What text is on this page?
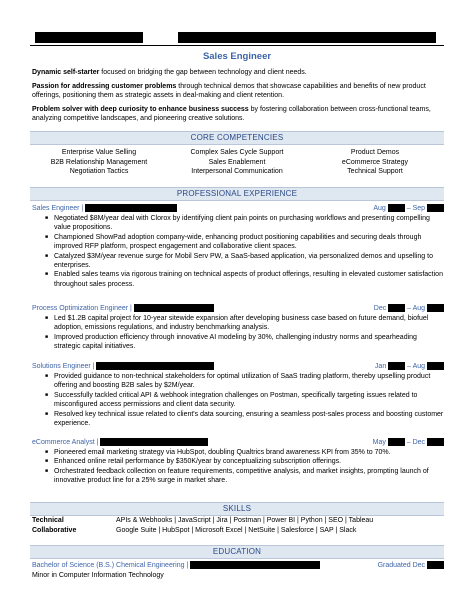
Sales Engineer

Dynamic self-starter focused on bridging the gap between technology and client needs.

Passion for addressing customer problems through technical demos that showcase capabilities and benefits of new product offerings, positioning them as strategic assets in deal-making and client retention.

Problem solver with deep curiosity to enhance business success by fostering collaboration between cross-functional teams, analyzing competitive landscapes, and pioneering creative solutions.

CORE COMPETENCIES
Enterprise Value Selling	Complex Sales Cycle Support	Product Demos
B2B Relationship Management	Sales Enablement	eCommerce Strategy
Negotiation Tactics	Interpersonal Communication	Technical Support
PROFESSIONAL EXPERIENCE
Sales Engineer |	Aug	– Sep
■ Negotiated $8M/year deal with Clorox by identifying client pain points on purchasing workflows and presenting compelling value propositions.
■ Championed ShowPad adoption company-wide, enhancing product positioning capabilities and securing deals through improved RFP platform, prospect engagement and collaborative client spaces.
■ Catalyzed $3M/year revenue surge for Mobil Serv PW, a SaaS-based application, via personalized demos and upselling to enterprises.
■ Enabled sales teams via rigorous training on technical aspects of product offerings, resulting in elevated customer satisfaction throughout sales process.
Process Optimization Engineer |	Dec	– Aug
■ Led $1.2B capital project for 10-year sitewide expansion after developing business case based on future demand, biofuel adoption, emissions regulations, and industry benchmarking analysis.
■ Improved production efficiency through innovative AI modeling by 30%, challenging industry norms and spearheading strategic capital initiatives.
Solutions Engineer |	Jan	– Aug
■ Provided guidance to non-technical stakeholders for optimal utilization of SaaS trading platform, thereby upselling product offering and boosting B2B sales by $2M/year.
■ Successfully tackled critical API & webhook integration challenges on Postman, specifically targeting issues related to misconfigured access permissions and client data security.
■ Resolved key technical issue related to client's data sourcing, ensuring a seamless post-sales process and boosting customer experience.
eCommerce Analyst |	May	– Dec
■ Pioneered email marketing strategy via HubSpot, doubling Qualtrics brand awareness KPI from 35% to 70%.
■ Enhanced online retail performance by $350K/year by conceptualizing subscription offerings.
■ Orchestrated feedback collection on feature requirements, competitive analysis, and market insights, prompting launch of innovative product line for a 25% surge in market share.
SKILLS
Technical	APIs & Webhooks | JavaScript | Jira | Postman | Power BI | Python | SEO | Tableau
Collaborative	Google Suite | HubSpot | Microsoft Excel | NetSuite | Salesforce | SAP | Slack
EDUCATION
Bachelor of Science (B.S.) Chemical Engineering |	Graduated Dec
Minor in Computer Information Technology
